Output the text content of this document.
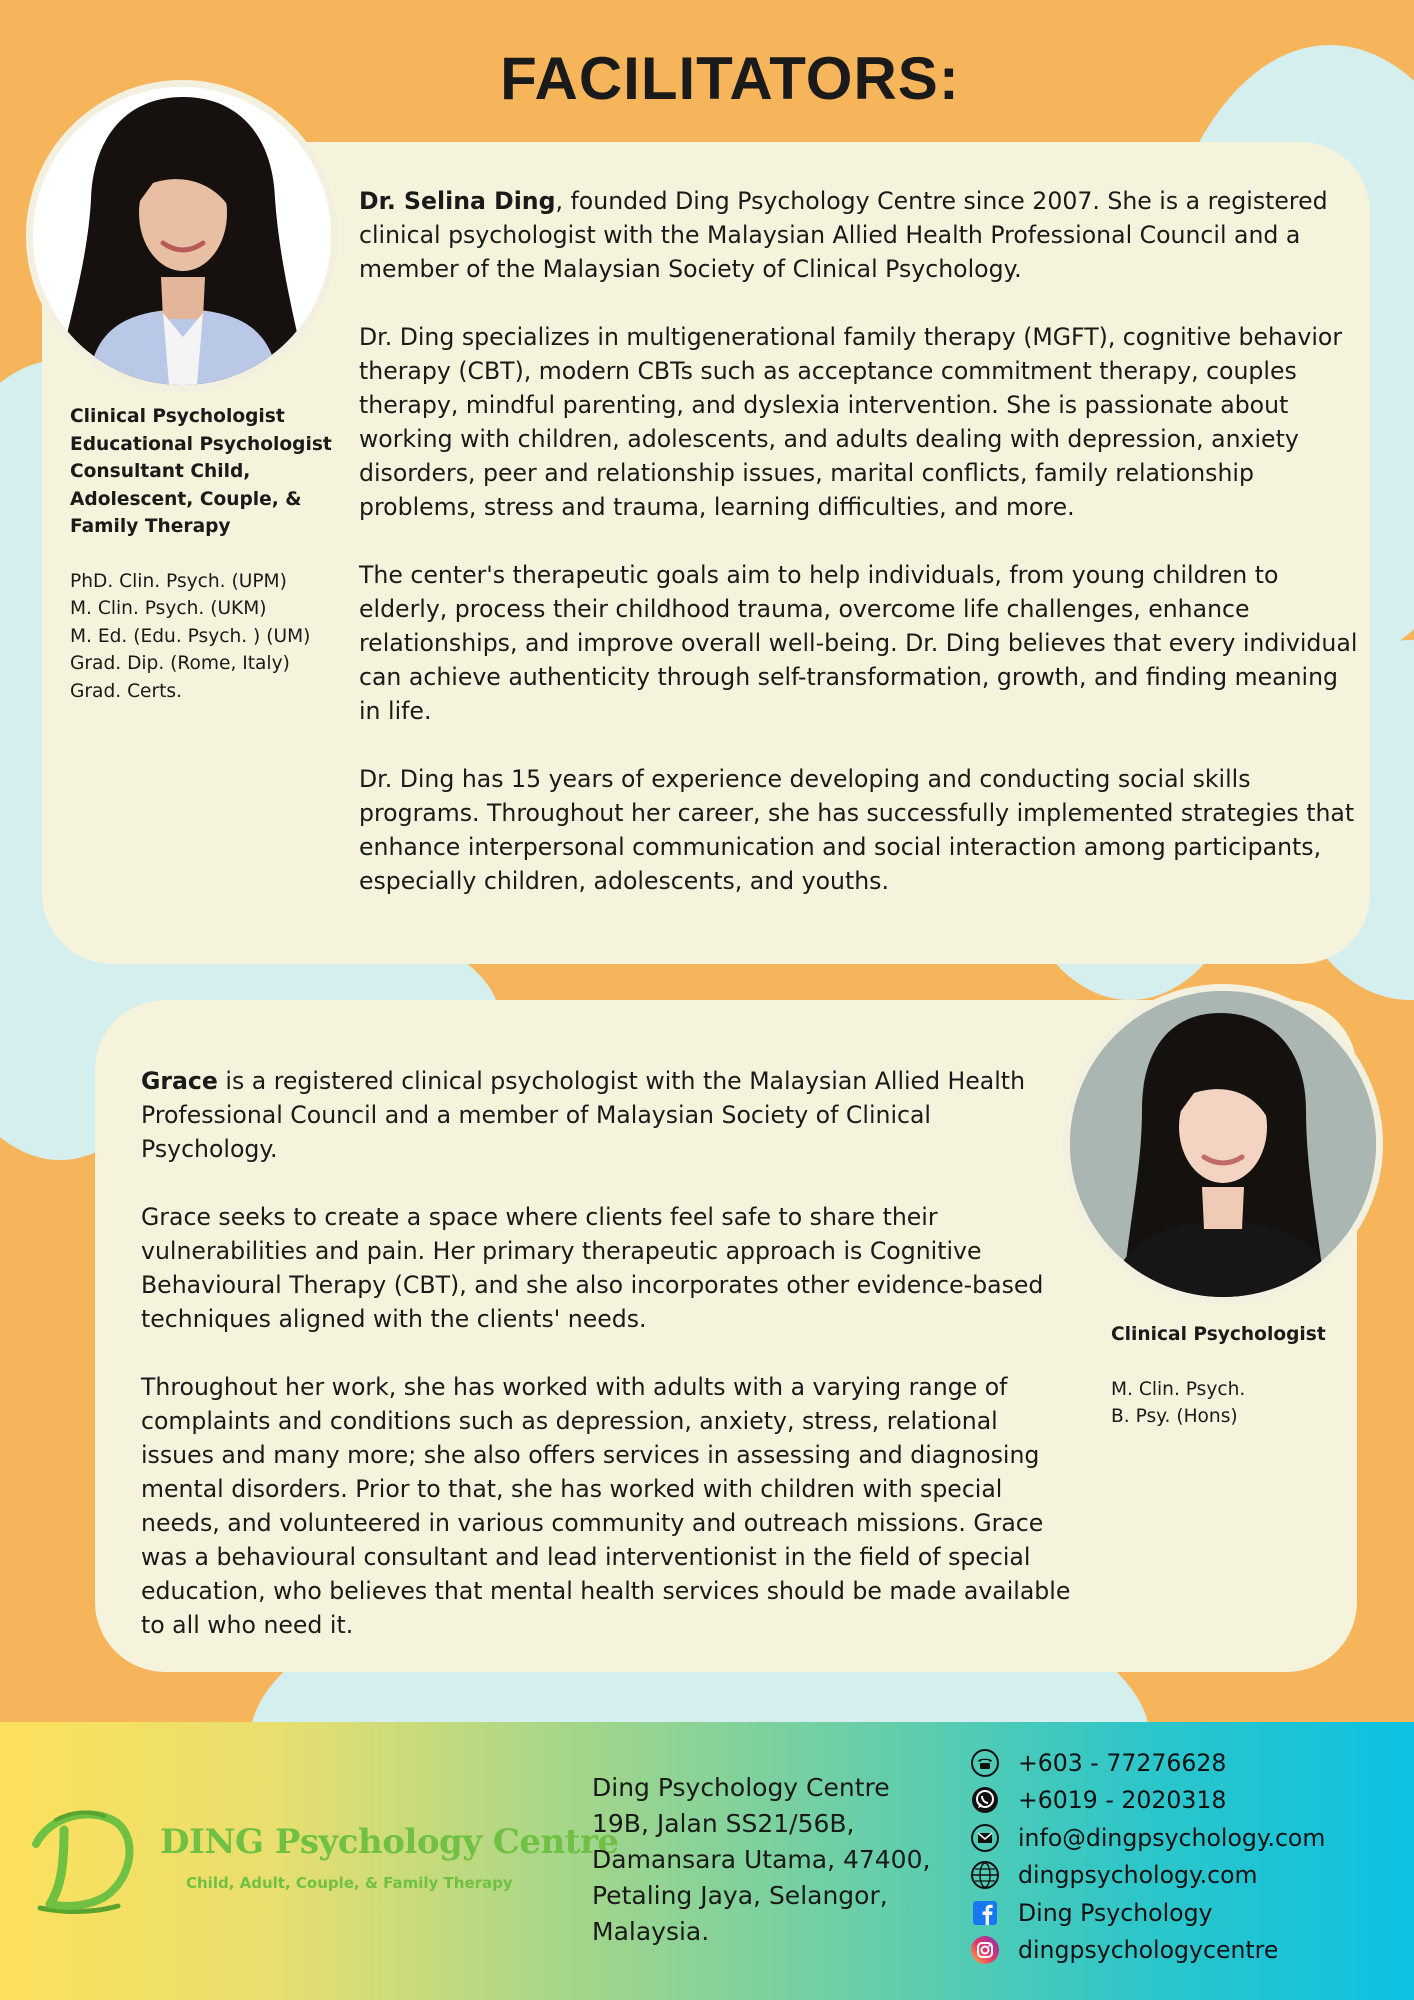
FACILITATORS:

Dr. Selina Ding, founded Ding Psychology Centre since 2007. She is a registered clinical psychologist with the Malaysian Allied Health Professional Council and a member of the Malaysian Society of Clinical Psychology.

Dr. Ding specializes in multigenerational family therapy (MGFT), cognitive behavior therapy (CBT), modern CBTs such as acceptance commitment therapy, couples therapy, mindful parenting, and dyslexia intervention. She is passionate about working with children, adolescents, and adults dealing with depression, anxiety disorders, peer and relationship issues, marital conflicts, family relationship problems, stress and trauma, learning difficulties, and more.

The center's therapeutic goals aim to help individuals, from young children to elderly, process their childhood trauma, overcome life challenges, enhance relationships, and improve overall well-being. Dr. Ding believes that every individual can achieve authenticity through self-transformation, growth, and finding meaning in life.

Dr. Ding has 15 years of experience developing and conducting social skills programs. Throughout her career, she has successfully implemented strategies that enhance interpersonal communication and social interaction among participants, especially children, adolescents, and youths.

Clinical Psychologist
Educational Psychologist
Consultant Child,
Adolescent, Couple, &
Family Therapy
PhD. Clin. Psych. (UPM)
M. Clin. Psych. (UKM)
M. Ed. (Edu. Psych. ) (UM)
Grad. Dip. (Rome, Italy)
Grad. Certs.

Grace is a registered clinical psychologist with the Malaysian Allied Health Professional Council and a member of Malaysian Society of Clinical Psychology.

Grace seeks to create a space where clients feel safe to share their vulnerabilities and pain. Her primary therapeutic approach is Cognitive Behavioural Therapy (CBT), and she also incorporates other evidence-based techniques aligned with the clients' needs.

Throughout her work, she has worked with adults with a varying range of complaints and conditions such as depression, anxiety, stress, relational issues and many more; she also offers services in assessing and diagnosing mental disorders. Prior to that, she has worked with children with special needs, and volunteered in various community and outreach missions. Grace was a behavioural consultant and lead interventionist in the field of special education, who believes that mental health services should be made available to all who need it.

Clinical Psychologist
M. Clin. Psych.
B. Psy. (Hons)
DING Psychology Centre
Child, Adult, Couple, & Family Therapy
Ding Psychology Centre
19B, Jalan SS21/56B,
Damansara Utama, 47400,
Petaling Jaya, Selangor,
Malaysia.
+603 - 77276628
+6019 - 2020318
info@dingpsychology.com
dingpsychology.com
Ding Psychology
dingpsychologycentre
